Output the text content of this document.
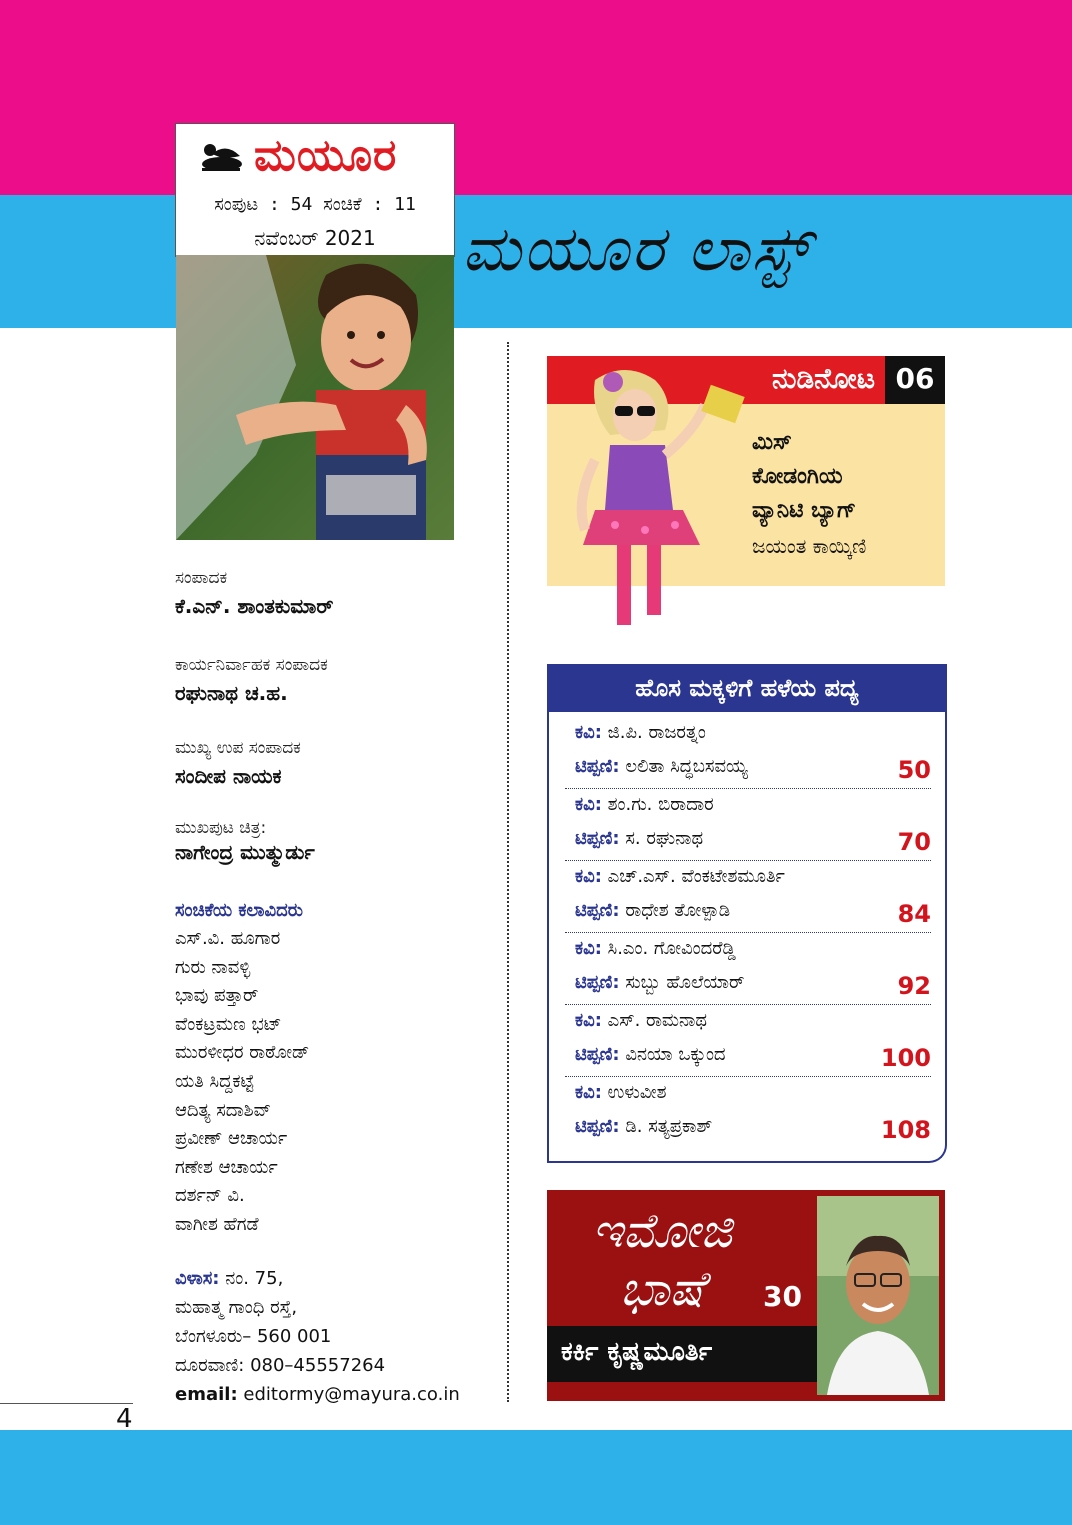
ಮಯೂರ
ಸಂಪುಟ : 54 ಸಂಚಿಕೆ : 11
ನವೆಂಬರ್ 2021	ಮಯೂರ ಲಾಸ್ಟ್
ಸಂಪಾದಕ
ಕೆ.ಎನ್. ಶಾಂತಕುಮಾರ್
ಕಾರ್ಯನಿರ್ವಾಹಕ ಸಂಪಾದಕ
ರಘುನಾಥ ಚ.ಹ.
ಮುಖ್ಯ ಉಪ ಸಂಪಾದಕ
ಸಂದೀಪ ನಾಯಕ
ಮುಖಪುಟ ಚಿತ್ರ:
ನಾಗೇಂದ್ರ ಮುತ್ಮುರ್ಡು
ಸಂಚಿಕೆಯ ಕಲಾವಿದರು
ಎಸ್.ವಿ. ಹೂಗಾರ
ಗುರು ನಾವಳ್ಳಿ
ಭಾವು ಪತ್ತಾರ್
ವೆಂಕಟ್ರಮಣ ಭಟ್
ಮುರಳೀಧರ ರಾಠೋಡ್
ಯತಿ ಸಿದ್ದಕಟ್ಟೆ
ಆದಿತ್ಯ ಸದಾಶಿವ್
ಪ್ರವೀಣ್ ಆಚಾರ್ಯ
ಗಣೇಶ ಆಚಾರ್ಯ
ದರ್ಶನ್ ವಿ.
ವಾಗೀಶ ಹೆಗಡೆ
ವಿಳಾಸ: ನಂ. 75,
ಮಹಾತ್ಮ ಗಾಂಧಿ ರಸ್ತೆ,
ಬೆಂಗಳೂರು– 560 001
ದೂರವಾಣಿ: 080–45557264
email: editormy@mayura.co.in
ನುಡಿನೋಟ 06
ಮಿಸ್
ಕೋಡಂಗಿಯ
ವ್ಯಾನಿಟಿ ಬ್ಯಾಗ್
ಜಯಂತ ಕಾಯ್ಕಿಣಿ
ಹೊಸ ಮಕ್ಕಳಿಗೆ ಹಳೆಯ ಪದ್ಯ
ಕವಿ: ಜಿ.ಪಿ. ರಾಜರತ್ನಂ
ಟಿಪ್ಪಣಿ: ಲಲಿತಾ ಸಿದ್ಧಬಸವಯ್ಯ	50
ಕವಿ: ಶಂ.ಗು. ಬಿರಾದಾರ
ಟಿಪ್ಪಣಿ: ಸ. ರಘುನಾಥ	70
ಕವಿ: ಎಚ್.ಎಸ್. ವೆಂಕಟೇಶಮೂರ್ತಿ
ಟಿಪ್ಪಣಿ: ರಾಧೇಶ ತೋಳ್ಪಾಡಿ	84
ಕವಿ: ಸಿ.ಎಂ. ಗೋವಿಂದರೆಡ್ಡಿ
ಟಿಪ್ಪಣಿ: ಸುಬ್ಬು ಹೊಲೆಯಾರ್	92
ಕವಿ: ಎಸ್. ರಾಮನಾಥ
ಟಿಪ್ಪಣಿ: ವಿನಯಾ ಒಕ್ಕುಂದ	100
ಕವಿ: ಉಳುವೀಶ
ಟಿಪ್ಪಣಿ: ಡಿ. ಸತ್ಯಪ್ರಕಾಶ್	108
ಇಮೋಜಿ
ಭಾಷೆ	30
ಕರ್ಕಿ ಕೃಷ್ಣಮೂರ್ತಿ
4
